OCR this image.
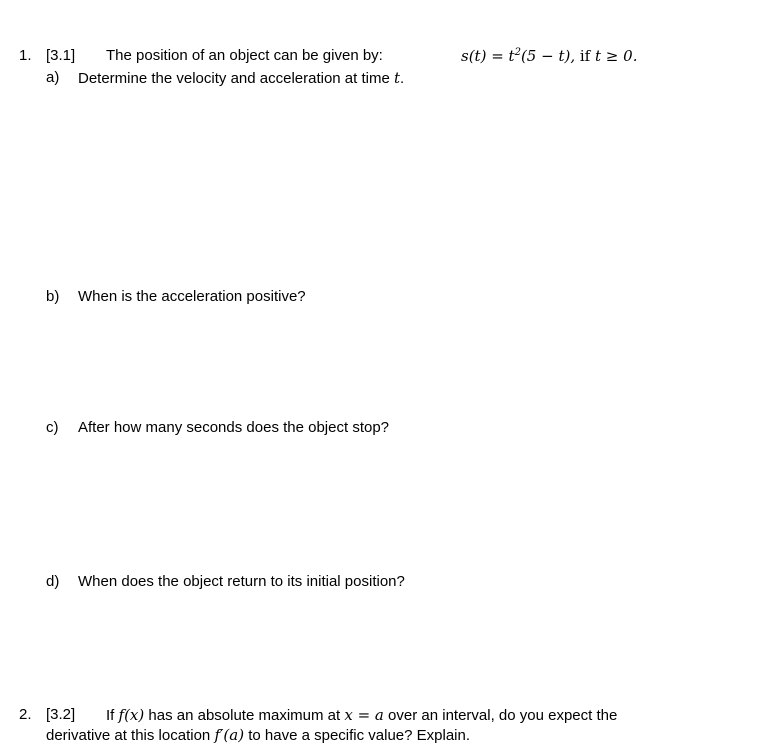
1. [3.1] The position of an object can be given by:	$s(t) = t^2(5 - t)$, if t ≥ 0.
a) Determine the velocity and acceleration at time t.
b) When is the acceleration positive?
c) After how many seconds does the object stop?
d) When does the object return to its initial position?
2. [3.2] If f(x) has an absolute maximum at x = a over an interval, do you expect the
derivative at this location f′(a) to have a specific value? Explain.
